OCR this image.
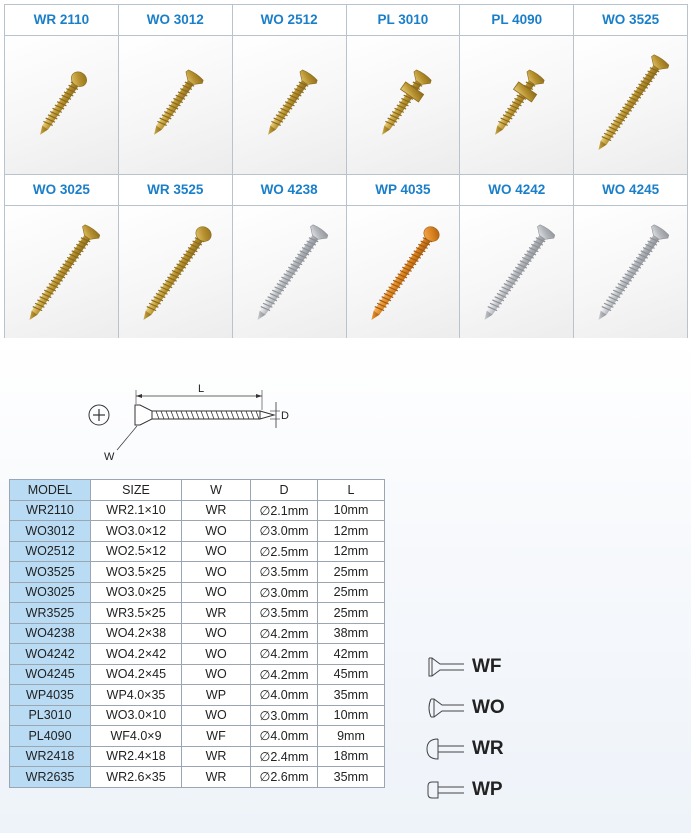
WR 2110	WO 3012	WO 2512	PL 3010	PL 4090	WO 3525
WO 3025	WR 3525	WO 4238	WP 4035	WO 4242	WO 4245
L
D
W
MODEL	SIZE	W	D	L
WR2110	WR2.1×10	WR	∅2.1mm	10mm
WO3012	WO3.0×12	WO	∅3.0mm	12mm
WO2512	WO2.5×12	WO	∅2.5mm	12mm
WO3525	WO3.5×25	WO	∅3.5mm	25mm
WO3025	WO3.0×25	WO	∅3.0mm	25mm
WR3525	WR3.5×25	WR	∅3.5mm	25mm
WO4238	WO4.2×38	WO	∅4.2mm	38mm
WO4242	WO4.2×42	WO	∅4.2mm	42mm
WO4245	WO4.2×45	WO	∅4.2mm	45mm
WP4035	WP4.0×35	WP	∅4.0mm	35mm
PL3010	WO3.0×10	WO	∅3.0mm	10mm
PL4090	WF4.0×9	WF	∅4.0mm	9mm
WR2418	WR2.4×18	WR	∅2.4mm	18mm
WR2635	WR2.6×35	WR	∅2.6mm	35mm
WF
WO
WR
WP
